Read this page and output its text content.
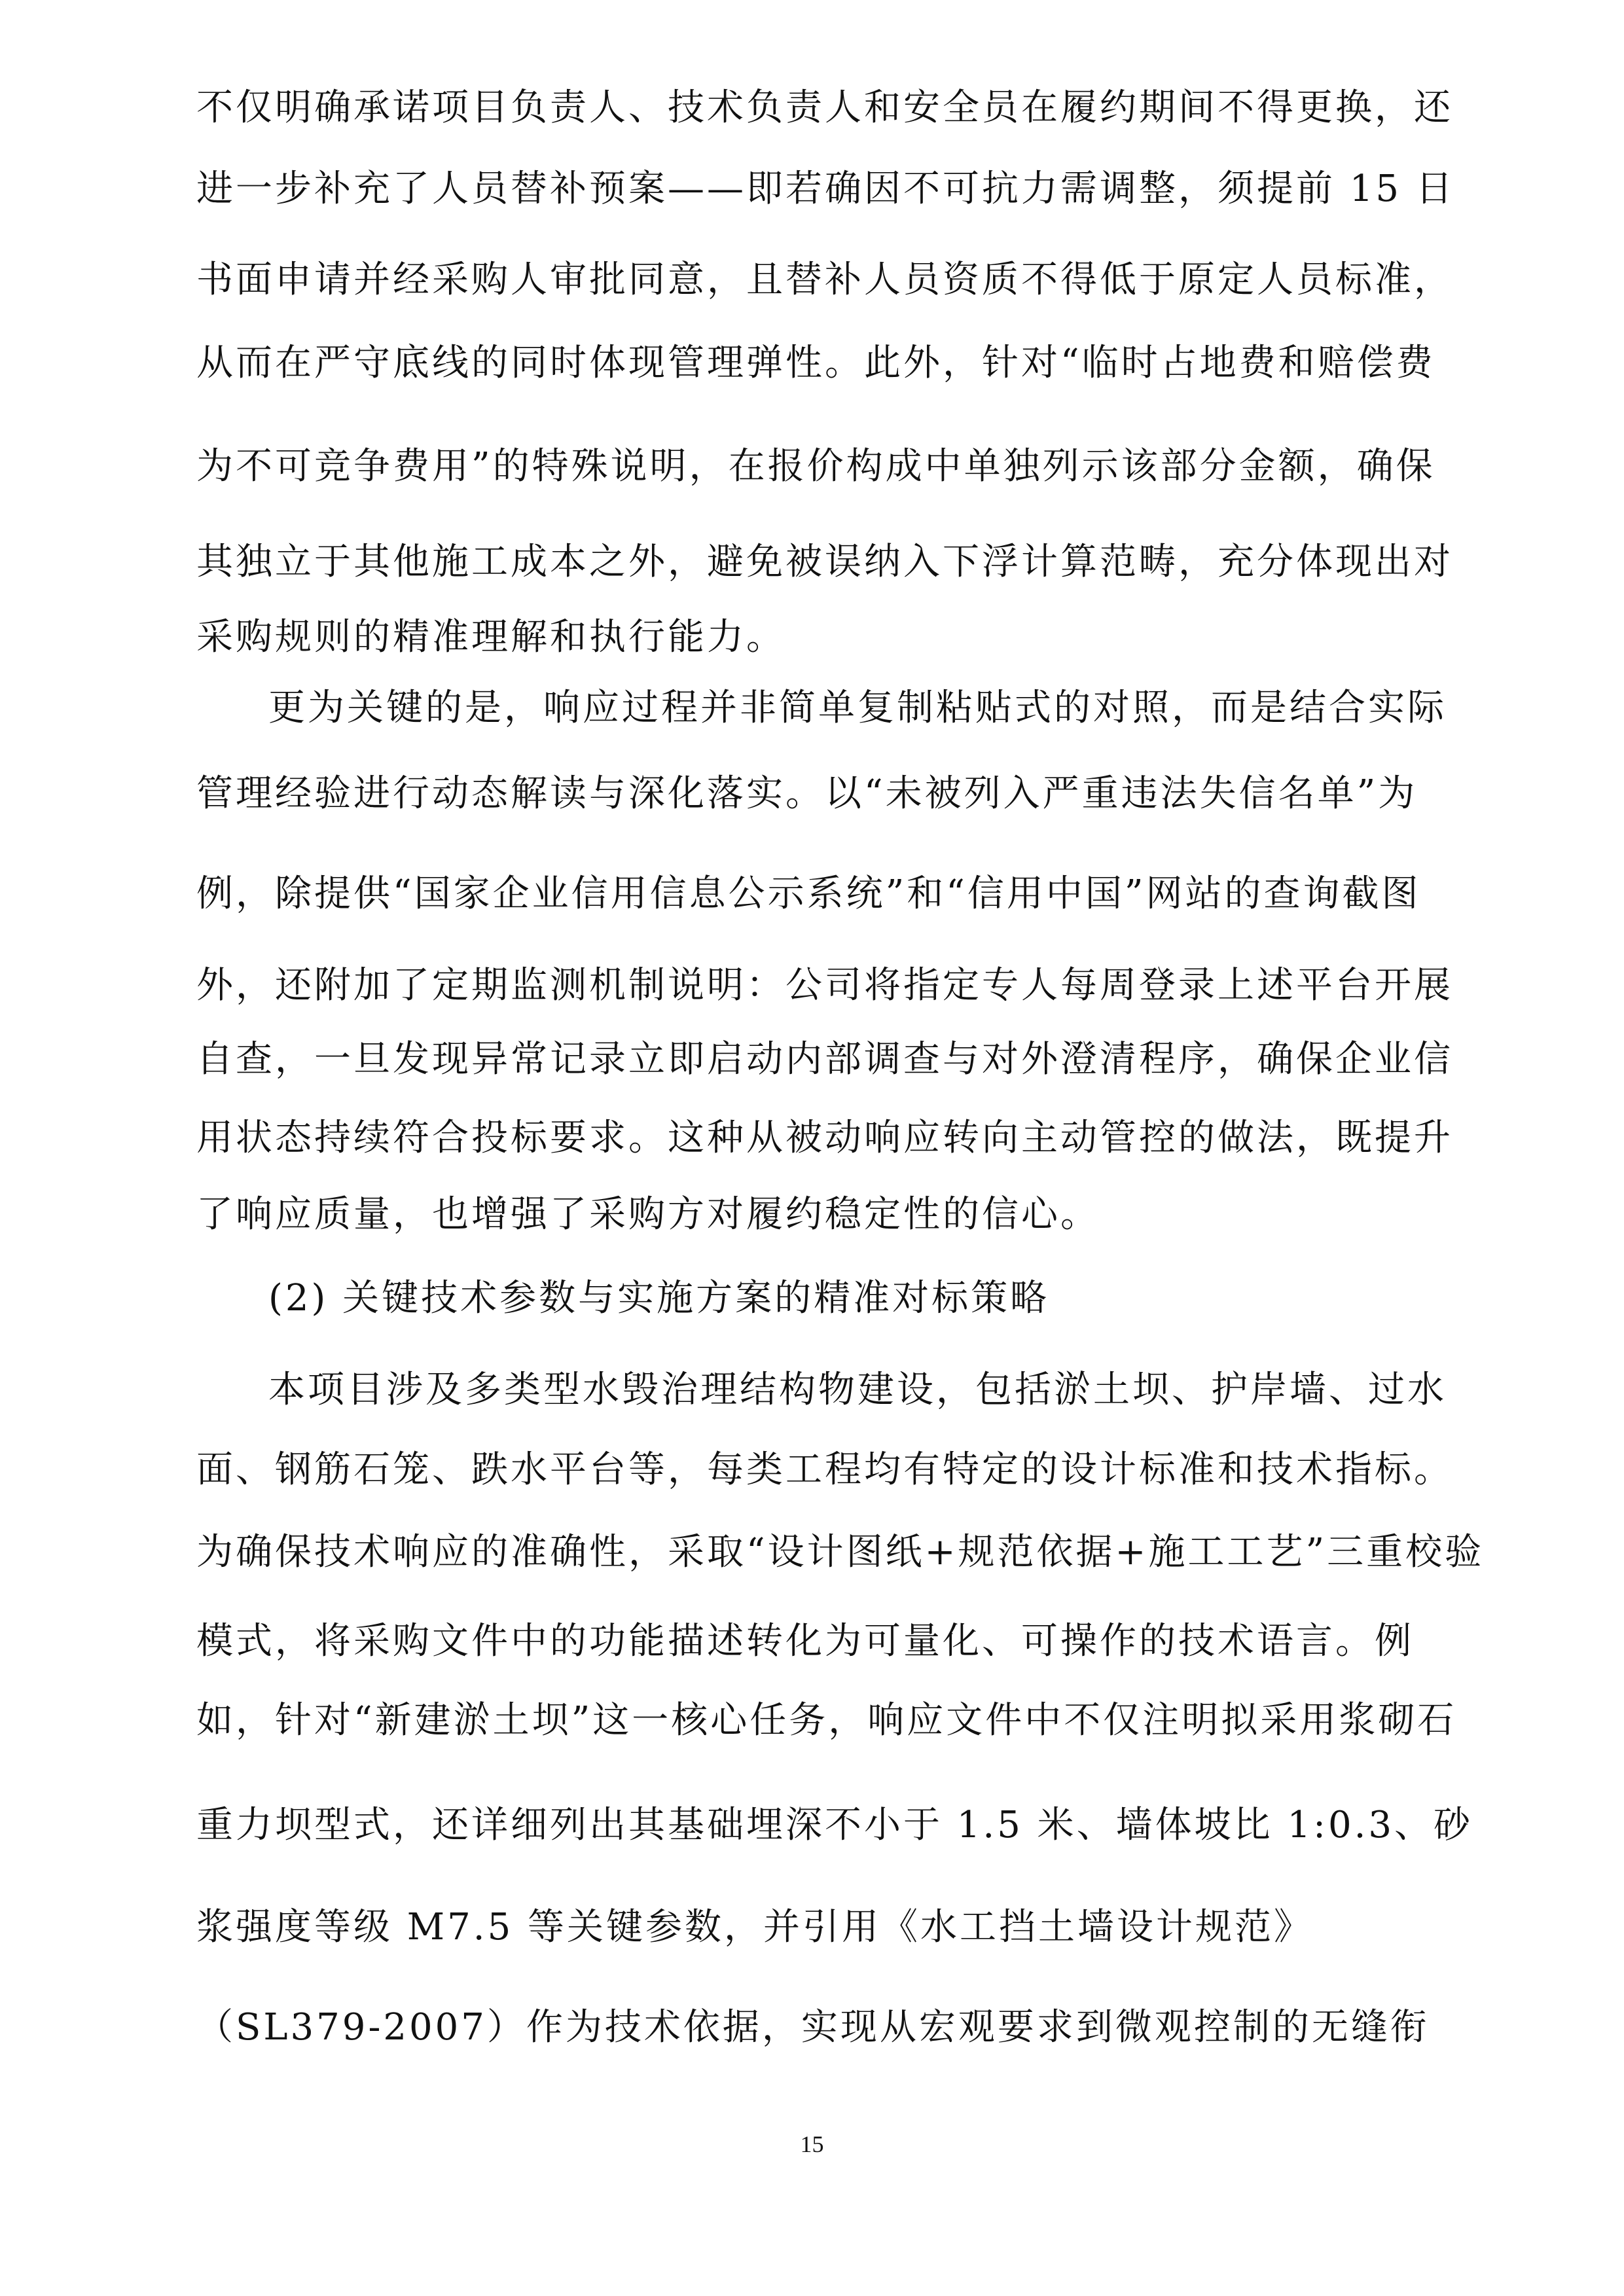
不仅明确承诺项目负责人、技术负责人和安全员在履约期间不得更换，还
进一步补充了人员替补预案——即若确因不可抗力需调整，须提前 15 日
书面申请并经采购人审批同意，且替补人员资质不得低于原定人员标准，
从而在严守底线的同时体现管理弹性。此外，针对“临时占地费和赔偿费
为不可竞争费用”的特殊说明，在报价构成中单独列示该部分金额，确保
其独立于其他施工成本之外，避免被误纳入下浮计算范畴，充分体现出对
采购规则的精准理解和执行能力。
更为关键的是，响应过程并非简单复制粘贴式的对照，而是结合实际
管理经验进行动态解读与深化落实。以“未被列入严重违法失信名单”为
例，除提供“国家企业信用信息公示系统”和“信用中国”网站的查询截图
外，还附加了定期监测机制说明：公司将指定专人每周登录上述平台开展
自查，一旦发现异常记录立即启动内部调查与对外澄清程序，确保企业信
用状态持续符合投标要求。这种从被动响应转向主动管控的做法，既提升
了响应质量，也增强了采购方对履约稳定性的信心。
(2) 关键技术参数与实施方案的精准对标策略
本项目涉及多类型水毁治理结构物建设，包括淤土坝、护岸墙、过水
面、钢筋石笼、跌水平台等，每类工程均有特定的设计标准和技术指标。
为确保技术响应的准确性，采取“设计图纸+规范依据+施工工艺”三重校验
模式，将采购文件中的功能描述转化为可量化、可操作的技术语言。例
如，针对“新建淤土坝”这一核心任务，响应文件中不仅注明拟采用浆砌石
重力坝型式，还详细列出其基础埋深不小于 1.5 米、墙体坡比 1:0.3、砂
浆强度等级 M7.5 等关键参数，并引用《水工挡土墙设计规范》
（SL379-2007）作为技术依据，实现从宏观要求到微观控制的无缝衔
15
